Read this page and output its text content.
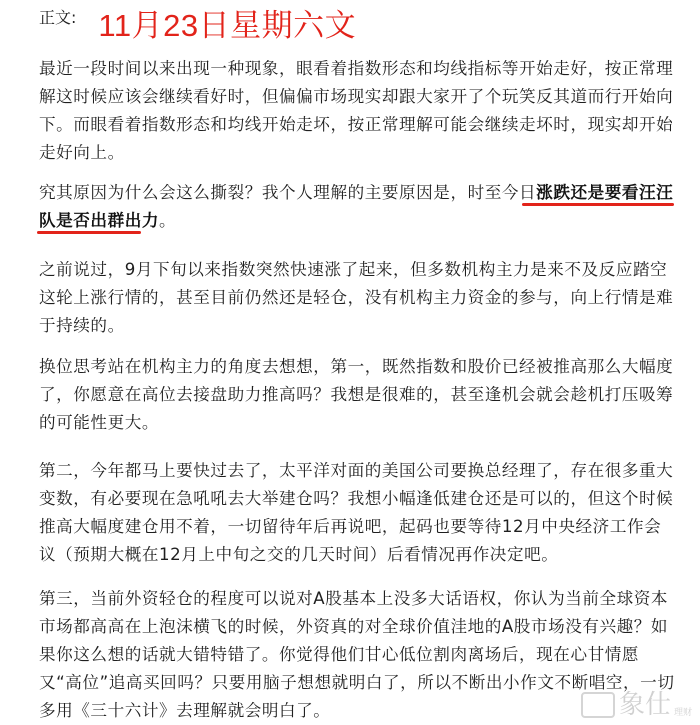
正文: 11月23日星期六文

最近一段时间以来出现一种现象，眼看着指数形态和均线指标等开始走好，按正常理解这时候应该会继续看好时，但偏偏市场现实却跟大家开了个玩笑反其道而行开始向下。而眼看着指数形态和均线开始走坏，按正常理解可能会继续走坏时，现实却开始走好向上。

究其原因为什么会这么撕裂？我个人理解的主要原因是，时至今日涨跌还是要看汪汪队是否出群出力。

之前说过，9月下旬以来指数突然快速涨了起来，但多数机构主力是来不及反应踏空这轮上涨行情的，甚至目前仍然还是轻仓，没有机构主力资金的参与，向上行情是难于持续的。

换位思考站在机构主力的角度去想想，第一，既然指数和股价已经被推高那么大幅度了，你愿意在高位去接盘助力推高吗？我想是很难的，甚至逢机会就会趁机打压吸筹的可能性更大。

第二，今年都马上要快过去了，太平洋对面的美国公司要换总经理了，存在很多重大变数，有必要现在急吼吼去大举建仓吗？我想小幅逢低建仓还是可以的，但这个时候推高大幅度建仓用不着，一切留待年后再说吧，起码也要等待12月中央经济工作会议（预期大概在12月上中旬之交的几天时间）后看情况再作决定吧。

第三，当前外资轻仓的程度可以说对A股基本上没多大话语权，你认为当前全球资本市场都高高在上泡沫横飞的时候，外资真的对全球价值洼地的A股市场没有兴趣？如果你这么想的话就大错特错了。你觉得他们甘心低位割肉离场后，现在心甘情愿又“高位”追高买回吗？只要用脑子想想就明白了，所以不断出小作文不断唱空，一切多用《三十六计》去理解就会明白了。	象仕 理财
